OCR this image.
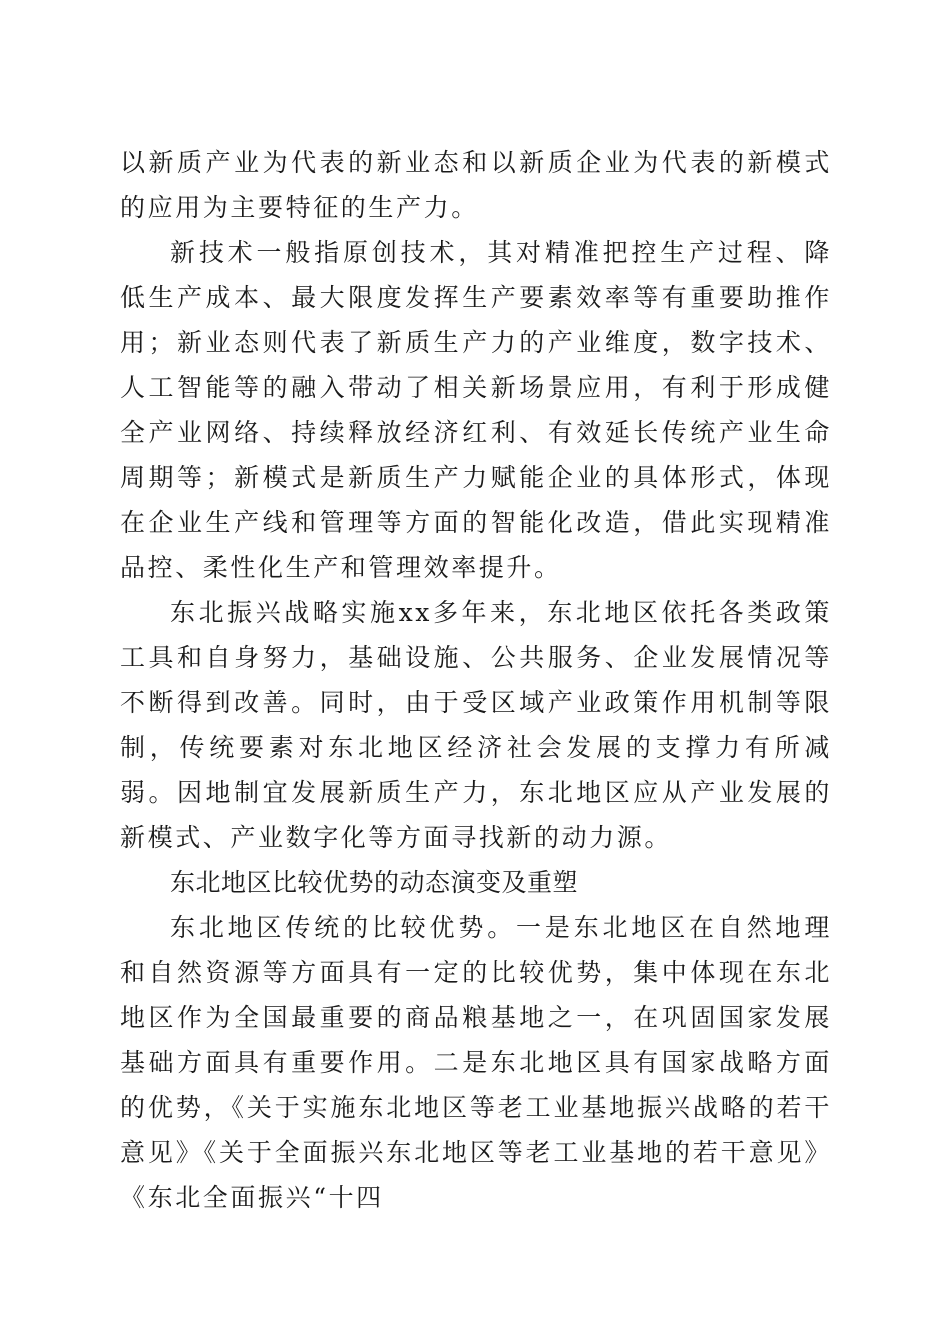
以新质产业为代表的新业态和以新质企业为代表的新模式的应用为主要特征的生产力。

新技术一般指原创技术，其对精准把控生产过程、降低生产成本、最大限度发挥生产要素效率等有重要助推作用；新业态则代表了新质生产力的产业维度，数字技术、人工智能等的融入带动了相关新场景应用，有利于形成健全产业网络、持续释放经济红利、有效延长传统产业生命周期等；新模式是新质生产力赋能企业的具体形式，体现在企业生产线和管理等方面的智能化改造，借此实现精准品控、柔性化生产和管理效率提升。

东北振兴战略实施xx多年来，东北地区依托各类政策工具和自身努力，基础设施、公共服务、企业发展情况等不断得到改善。同时，由于受区域产业政策作用机制等限制，传统要素对东北地区经济社会发展的支撑力有所减弱。因地制宜发展新质生产力，东北地区应从产业发展的新模式、产业数字化等方面寻找新的动力源。

东北地区比较优势的动态演变及重塑

东北地区传统的比较优势。一是东北地区在自然地理和自然资源等方面具有一定的比较优势，集中体现在东北地区作为全国最重要的商品粮基地之一，在巩固国家发展基础方面具有重要作用。二是东北地区具有国家战略方面的优势，《关于实施东北地区等老工业基地振兴战略的若干意见》《关于全面振兴东北地区等老工业基地的若干意见》《东北全面振兴“十四
